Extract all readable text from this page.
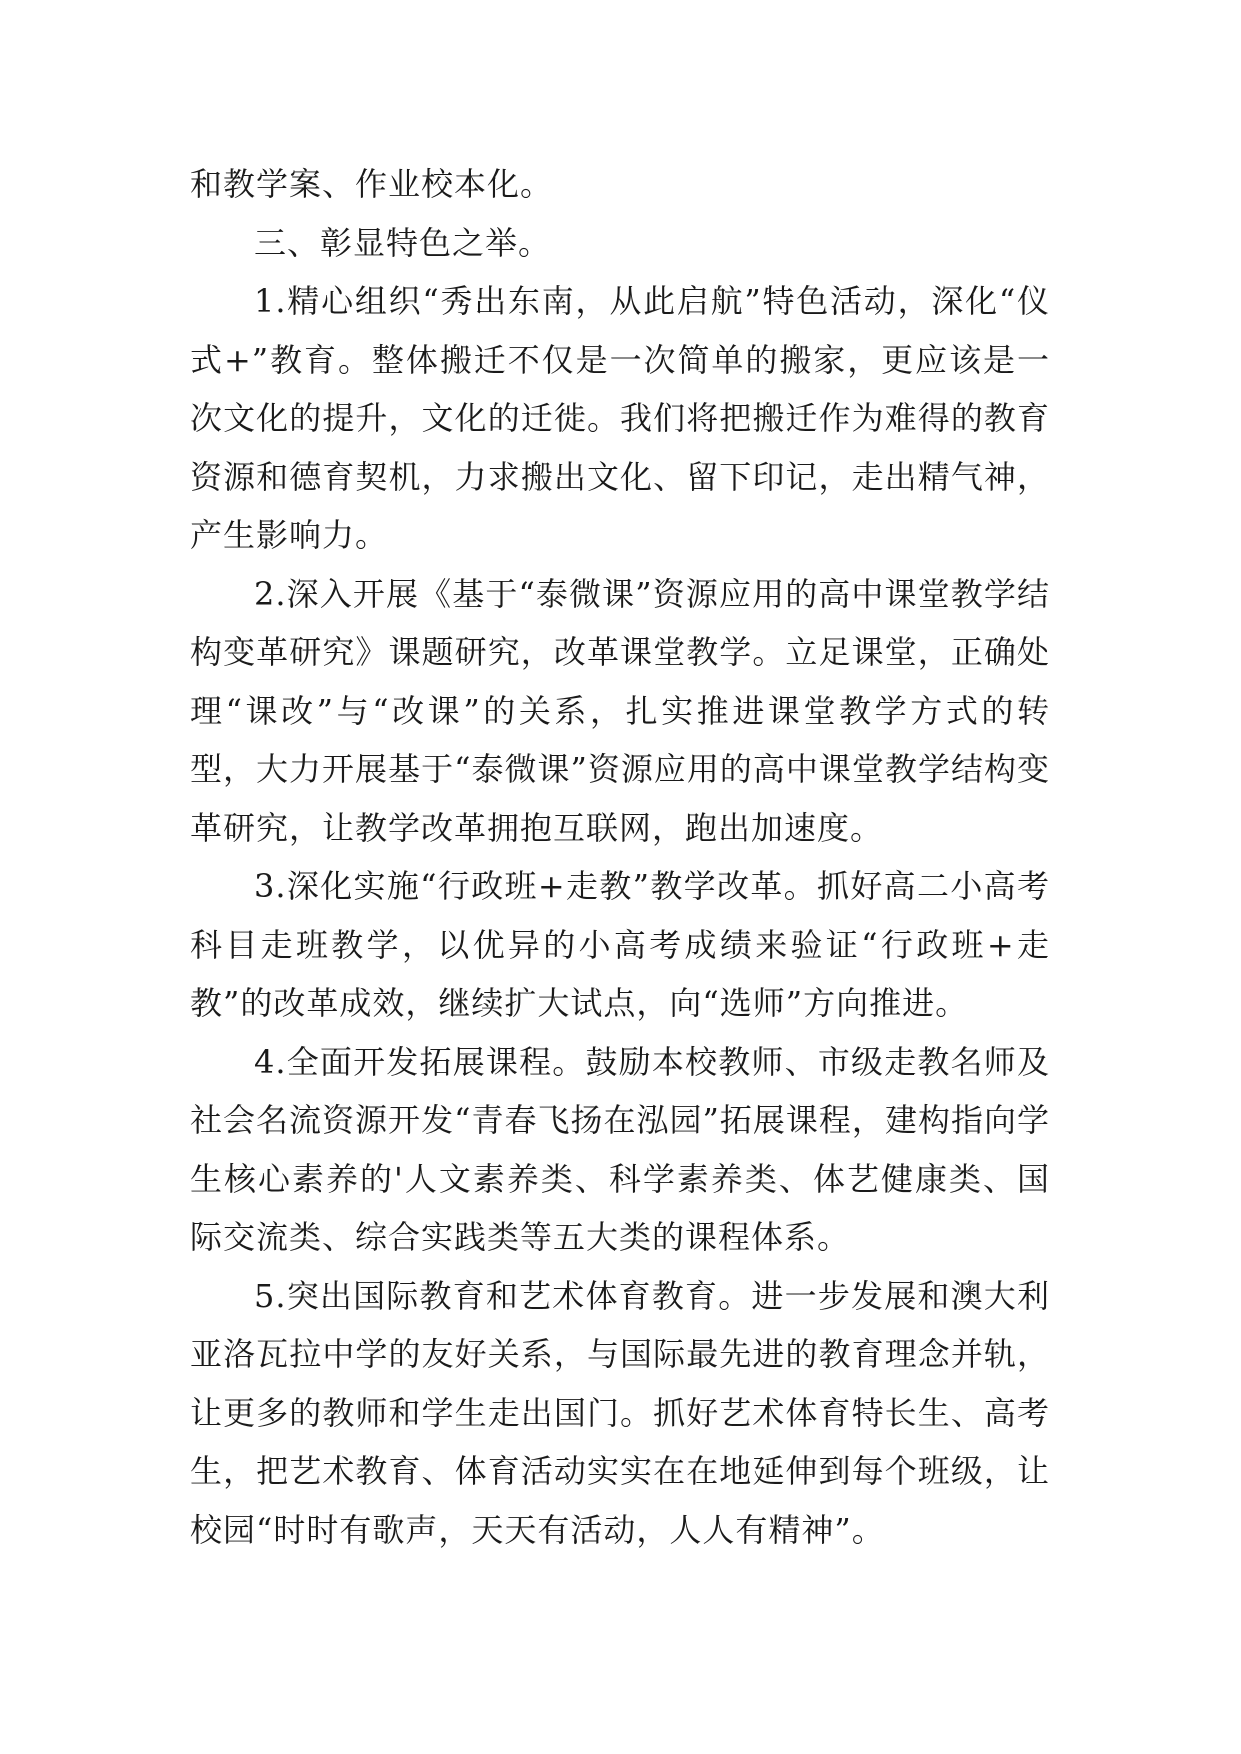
和教学案、作业校本化。

三、彰显特色之举。

1.精心组织“秀出东南，从此启航”特色活动，深化“仪式+”教育。整体搬迁不仅是一次简单的搬家，更应该是一次文化的提升，文化的迁徙。我们将把搬迁作为难得的教育资源和德育契机，力求搬出文化、留下印记，走出精气神，产生影响力。

2.深入开展《基于“泰微课”资源应用的高中课堂教学结构变革研究》课题研究，改革课堂教学。立足课堂，正确处理“课改”与“改课”的关系，扎实推进课堂教学方式的转型，大力开展基于“泰微课”资源应用的高中课堂教学结构变革研究，让教学改革拥抱互联网，跑出加速度。

3.深化实施“行政班+走教”教学改革。抓好高二小高考科目走班教学，以优异的小高考成绩来验证“行政班+走教”的改革成效，继续扩大试点，向“选师”方向推进。

4.全面开发拓展课程。鼓励本校教师、市级走教名师及社会名流资源开发“青春飞扬在泓园”拓展课程，建构指向学生核心素养的'人文素养类、科学素养类、体艺健康类、国际交流类、综合实践类等五大类的课程体系。

5.突出国际教育和艺术体育教育。进一步发展和澳大利亚洛瓦拉中学的友好关系，与国际最先进的教育理念并轨，让更多的教师和学生走出国门。抓好艺术体育特长生、高考生，把艺术教育、体育活动实实在在地延伸到每个班级，让校园“时时有歌声，天天有活动，人人有精神”。
